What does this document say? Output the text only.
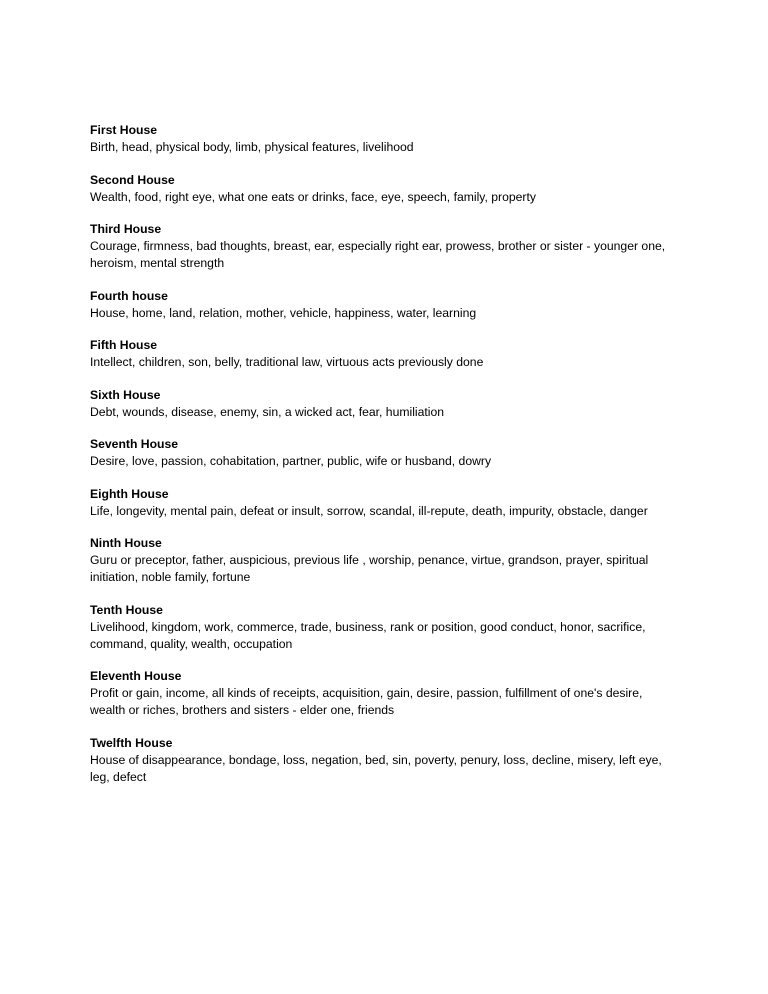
First House
Birth, head, physical body, limb, physical features, livelihood
Second House
Wealth, food, right eye, what one eats or drinks, face, eye, speech, family, property
Third House
Courage, firmness, bad thoughts, breast, ear, especially right ear, prowess, brother or sister - younger one, heroism, mental strength
Fourth house
House, home, land, relation, mother, vehicle, happiness, water, learning
Fifth House
Intellect, children, son, belly, traditional law, virtuous acts previously done
Sixth House
Debt, wounds, disease, enemy, sin, a wicked act, fear, humiliation
Seventh House
Desire, love, passion, cohabitation, partner, public, wife or husband, dowry
Eighth House
Life, longevity, mental pain, defeat or insult, sorrow, scandal, ill-repute, death, impurity, obstacle, danger
Ninth House
Guru or preceptor, father, auspicious, previous life , worship, penance, virtue, grandson, prayer, spiritual initiation, noble family, fortune
Tenth House
Livelihood, kingdom, work, commerce, trade, business, rank or position, good conduct, honor, sacrifice, command, quality, wealth, occupation
Eleventh House
Profit or gain, income, all kinds of receipts, acquisition, gain, desire, passion, fulfillment of one's desire, wealth or riches, brothers and sisters - elder one, friends
Twelfth House
House of disappearance, bondage, loss, negation, bed, sin, poverty, penury, loss, decline, misery, left eye, leg, defect
